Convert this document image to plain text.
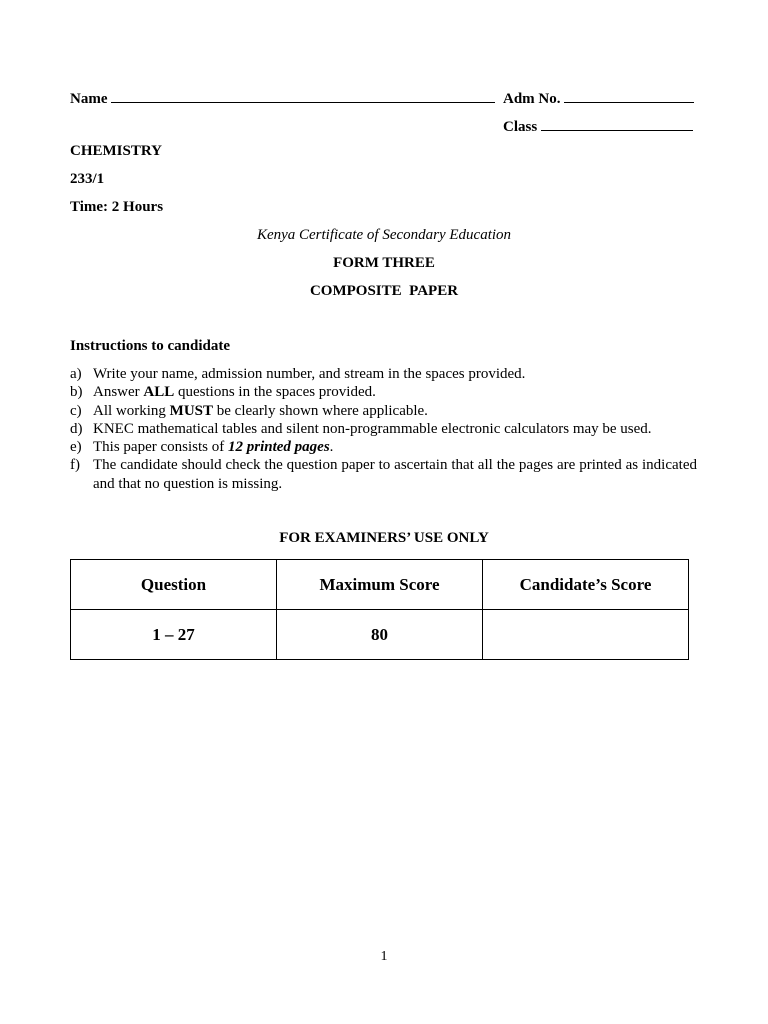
Name	Adm No.
Class
CHEMISTRY
233/1
Time: 2 Hours
Kenya Certificate of Secondary Education
FORM THREE
COMPOSITE  PAPER
Instructions to candidate
a) Write your name, admission number, and stream in the spaces provided.
b) Answer ALL questions in the spaces provided.
c) All working MUST be clearly shown where applicable.
d) KNEC mathematical tables and silent non-programmable electronic calculators may be used.
e) This paper consists of 12 printed pages.
f) The candidate should check the question paper to ascertain that all the pages are printed as indicated and that no question is missing.
FOR EXAMINERS’ USE ONLY
Question	Maximum Score	Candidate’s Score
1 – 27	80	
1
